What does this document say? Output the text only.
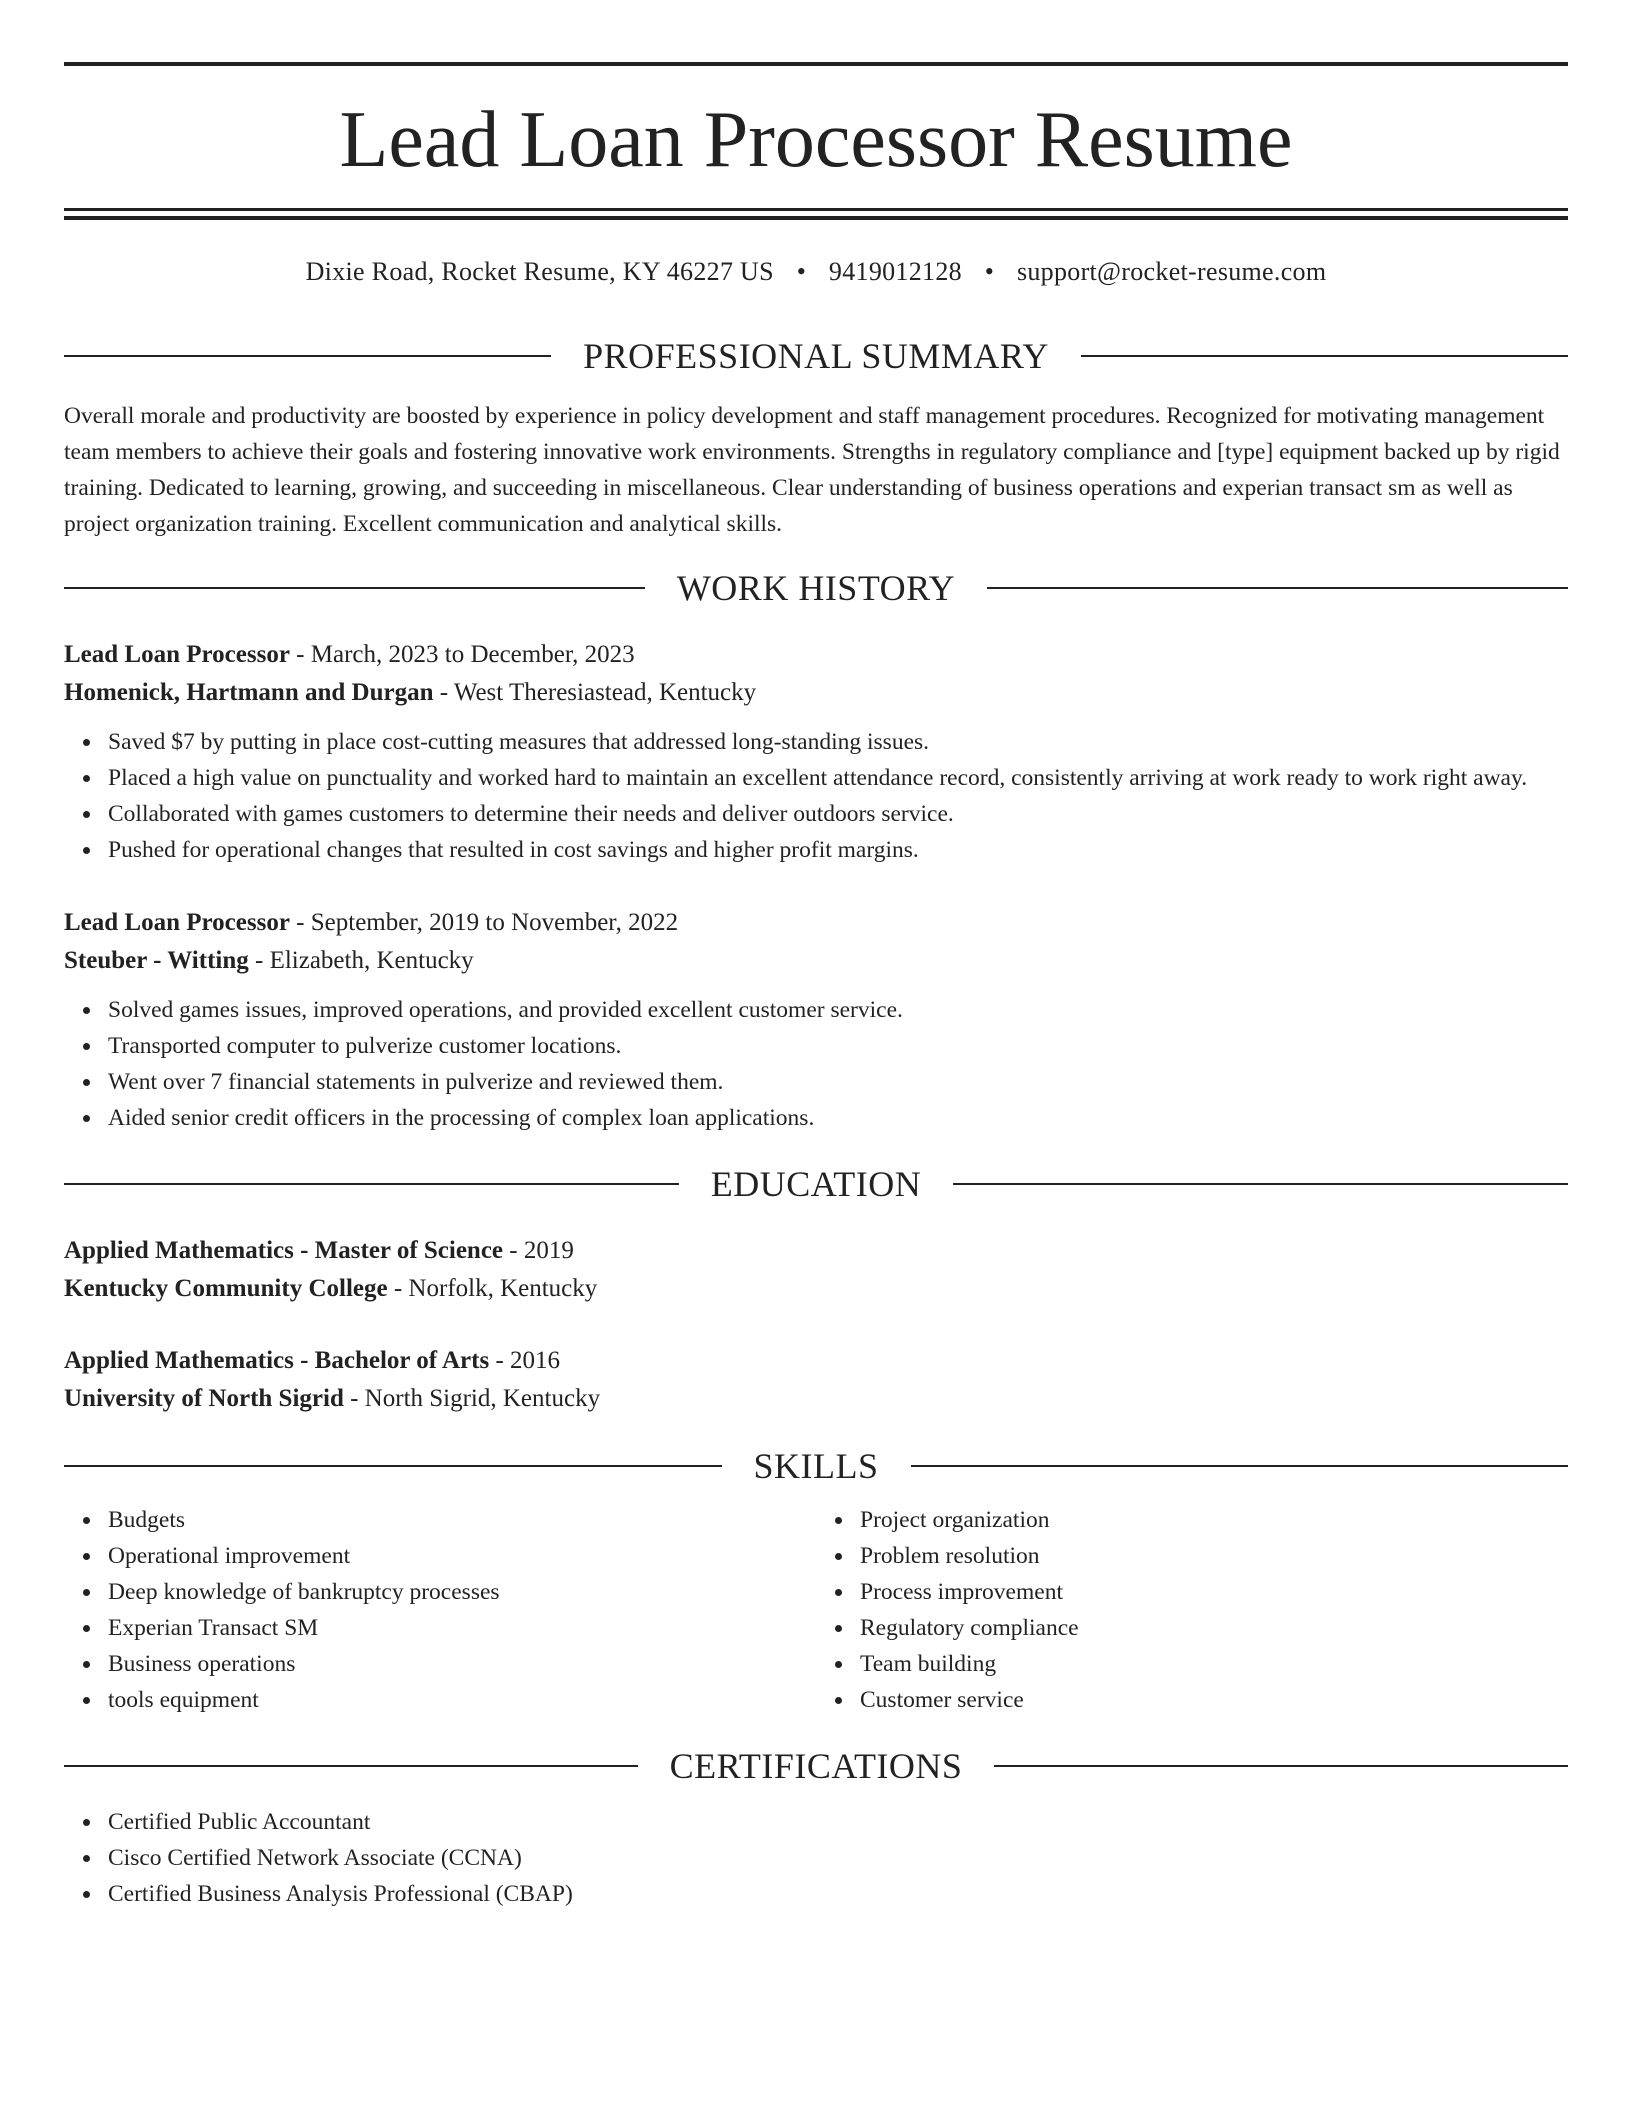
Lead Loan Processor Resume
Dixie Road, Rocket Resume, KY 46227 US • 9419012128 • support@rocket-resume.com
PROFESSIONAL SUMMARY

Overall morale and productivity are boosted by experience in policy development and staff management procedures. Recognized for motivating management team members to achieve their goals and fostering innovative work environments. Strengths in regulatory compliance and [type] equipment backed up by rigid training. Dedicated to learning, growing, and succeeding in miscellaneous. Clear understanding of business operations and experian transact sm as well as project organization training. Excellent communication and analytical skills.

WORK HISTORY
Lead Loan Processor - March, 2023 to December, 2023
Homenick, Hartmann and Durgan - West Theresiastead, Kentucky
Saved $7 by putting in place cost-cutting measures that addressed long-standing issues.
Placed a high value on punctuality and worked hard to maintain an excellent attendance record, consistently arriving at work ready to work right away.
Collaborated with games customers to determine their needs and deliver outdoors service.
Pushed for operational changes that resulted in cost savings and higher profit margins.
Lead Loan Processor - September, 2019 to November, 2022
Steuber - Witting - Elizabeth, Kentucky
Solved games issues, improved operations, and provided excellent customer service.
Transported computer to pulverize customer locations.
Went over 7 financial statements in pulverize and reviewed them.
Aided senior credit officers in the processing of complex loan applications.
EDUCATION
Applied Mathematics - Master of Science - 2019
Kentucky Community College - Norfolk, Kentucky
Applied Mathematics - Bachelor of Arts - 2016
University of North Sigrid - North Sigrid, Kentucky
SKILLS
Budgets
Operational improvement
Deep knowledge of bankruptcy processes
Experian Transact SM
Business operations
tools equipment
Project organization
Problem resolution
Process improvement
Regulatory compliance
Team building
Customer service
CERTIFICATIONS
Certified Public Accountant
Cisco Certified Network Associate (CCNA)
Certified Business Analysis Professional (CBAP)
